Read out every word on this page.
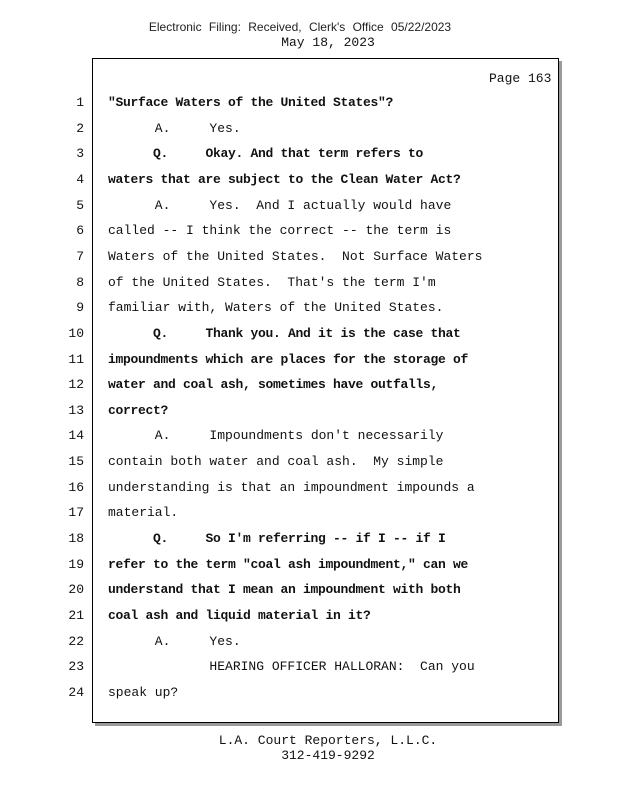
Electronic Filing: Received, Clerk's Office 05/22/2023
May 18, 2023
Page 163
1 "Surface Waters of the United States"?
2 A.     Yes.
3 Q.     Okay. And that term refers to
4 waters that are subject to the Clean Water Act?
5 A.     Yes.  And I actually would have
6 called -- I think the correct -- the term is
7 Waters of the United States.  Not Surface Waters
8 of the United States.  That's the term I'm
9 familiar with, Waters of the United States.
10 Q.     Thank you. And it is the case that
11 impoundments which are places for the storage of
12 water and coal ash, sometimes have outfalls,
13 correct?
14 A.     Impoundments don't necessarily
15 contain both water and coal ash.  My simple
16 understanding is that an impoundment impounds a
17 material.
18 Q.     So I'm referring -- if I -- if I
19 refer to the term "coal ash impoundment," can we
20 understand that I mean an impoundment with both
21 coal ash and liquid material in it?
22 A.     Yes.
23 HEARING OFFICER HALLORAN:  Can you
24 speak up?
L.A. Court Reporters, L.L.C.
312-419-9292
